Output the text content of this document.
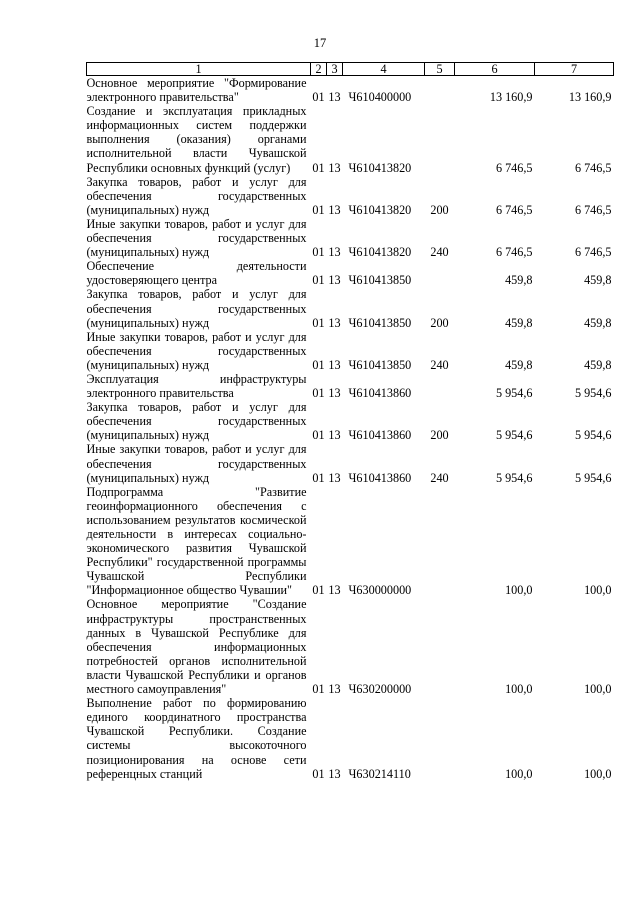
17
1	2	3	4	5	6	7
Основное мероприятие "Формирование электронного правительства"	01	13	Ч610400000		13 160,9	13 160,9
Создание и эксплуатация прикладных информационных систем поддержки выполнения (оказания) органами исполнительной власти Чувашской Республики основных функций (услуг)	01	13	Ч610413820		6 746,5	6 746,5
Закупка товаров, работ и услуг для обеспечения государственных (муниципальных) нужд	01	13	Ч610413820	200	6 746,5	6 746,5
Иные закупки товаров, работ и услуг для обеспечения государственных (муниципальных) нужд	01	13	Ч610413820	240	6 746,5	6 746,5
Обеспечение деятельности удостоверяющего центра	01	13	Ч610413850		459,8	459,8
Закупка товаров, работ и услуг для обеспечения государственных (муниципальных) нужд	01	13	Ч610413850	200	459,8	459,8
Иные закупки товаров, работ и услуг для обеспечения государственных (муниципальных) нужд	01	13	Ч610413850	240	459,8	459,8
Эксплуатация инфраструктуры электронного правительства	01	13	Ч610413860		5 954,6	5 954,6
Закупка товаров, работ и услуг для обеспечения государственных (муниципальных) нужд	01	13	Ч610413860	200	5 954,6	5 954,6
Иные закупки товаров, работ и услуг для обеспечения государственных (муниципальных) нужд	01	13	Ч610413860	240	5 954,6	5 954,6
Подпрограмма "Развитие геоинформационного обеспечения с использованием результатов космической деятельности в интересах социально-экономического развития Чувашской Республики" государственной программы Чувашской Республики "Информационное общество Чувашии"	01	13	Ч630000000		100,0	100,0
Основное мероприятие "Создание инфраструктуры пространственных данных в Чувашской Республике для обеспечения информационных потребностей органов исполнительной власти Чувашской Республики и органов местного самоуправления"	01	13	Ч630200000		100,0	100,0
Выполнение работ по формированию единого координатного пространства Чувашской Республики. Создание системы высокоточного позиционирования на основе сети референцных станций	01	13	Ч630214110		100,0	100,0
